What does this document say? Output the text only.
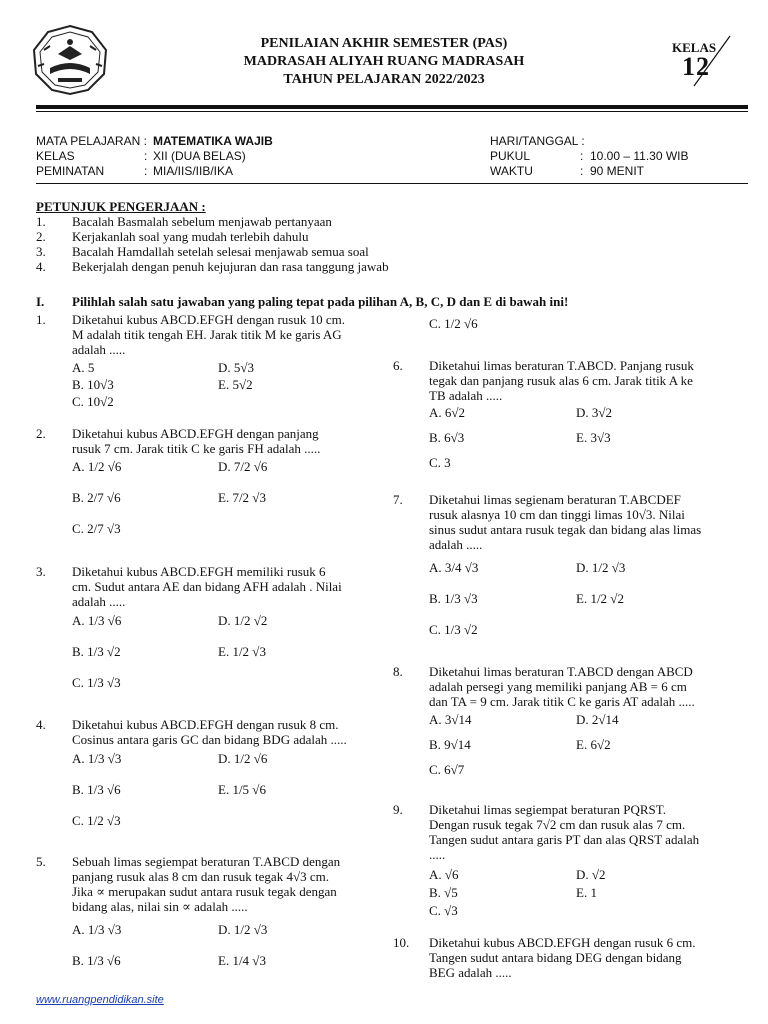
PENILAIAN AKHIR SEMESTER (PAS)
MADRASAH ALIYAH RUANG MADRASAH
TAHUN PELAJARAN 2022/2023
KELAS
12
MATA PELAJARAN : MATEMATIKA WAJIB
KELAS	: XII (DUA BELAS)
PEMINATAN	: MIA/IIS/IIB/IKA
HARI/TANGGAL :
PUKUL	: 10.00 – 11.30 WIB
WAKTU	: 90 MENIT
PETUNJUK PENGERJAAN :
1. Bacalah Basmalah sebelum menjawab pertanyaan
2. Kerjakanlah soal yang mudah terlebih dahulu
3. Bacalah Hamdallah setelah selesai menjawab semua soal
4. Bekerjalah dengan penuh kejujuran dan rasa tanggung jawab
I. Pilihlah salah satu jawaban yang paling tepat pada pilihan A, B, C, D dan E di bawah ini!
1. Diketahui kubus ABCD.EFGH dengan rusuk 10 cm.
M adalah titik tengah EH. Jarak titik M ke garis AG
adalah .....
A. 5	D. 5√3
B. 10√3	E. 5√2
C. 10√2
2. Diketahui kubus ABCD.EFGH dengan panjang
rusuk 7 cm. Jarak titik C ke garis FH adalah .....
A. 1/2 √6	D. 7/2 √6
B. 2/7 √6	E. 7/2 √3
C. 2/7 √3
3. Diketahui kubus ABCD.EFGH memiliki rusuk 6
cm. Sudut antara AE dan bidang AFH adalah . Nilai
adalah .....
A. 1/3 √6	D. 1/2 √2
B. 1/3 √2	E. 1/2 √3
C. 1/3 √3
4. Diketahui kubus ABCD.EFGH dengan rusuk 8 cm.
Cosinus antara garis GC dan bidang BDG adalah .....
A. 1/3 √3	D. 1/2 √6
B. 1/3 √6	E. 1/5 √6
C. 1/2 √3
5. Sebuah limas segiempat beraturan T.ABCD dengan
panjang rusuk alas 8 cm dan rusuk tegak 4√3 cm.
Jika ∝ merupakan sudut antara rusuk tegak dengan
bidang alas, nilai sin ∝ adalah .....
A. 1/3 √3	D. 1/2 √3
B. 1/3 √6	E. 1/4 √3
C. 1/2 √6
6. Diketahui limas beraturan T.ABCD. Panjang rusuk
tegak dan panjang rusuk alas 6 cm. Jarak titik A ke
TB adalah .....
A. 6√2	D. 3√2
B. 6√3	E. 3√3
C. 3
7. Diketahui limas segienam beraturan T.ABCDEF
rusuk alasnya 10 cm dan tinggi limas 10√3. Nilai
sinus sudut antara rusuk tegak dan bidang alas limas
adalah .....
A. 3/4 √3	D. 1/2 √3
B. 1/3 √3	E. 1/2 √2
C. 1/3 √2
8. Diketahui limas beraturan T.ABCD dengan ABCD
adalah persegi yang memiliki panjang AB = 6 cm
dan TA = 9 cm. Jarak titik C ke garis AT adalah .....
A. 3√14	D. 2√14
B. 9√14	E. 6√2
C. 6√7
9. Diketahui limas segiempat beraturan PQRST.
Dengan rusuk tegak 7√2 cm dan rusuk alas 7 cm.
Tangen sudut antara garis PT dan alas QRST adalah
.....
A. √6	D. √2
B. √5	E. 1
C. √3
10. Diketahui kubus ABCD.EFGH dengan rusuk 6 cm.
Tangen sudut antara bidang DEG dengan bidang
BEG adalah .....
www.ruangpendidikan.site
